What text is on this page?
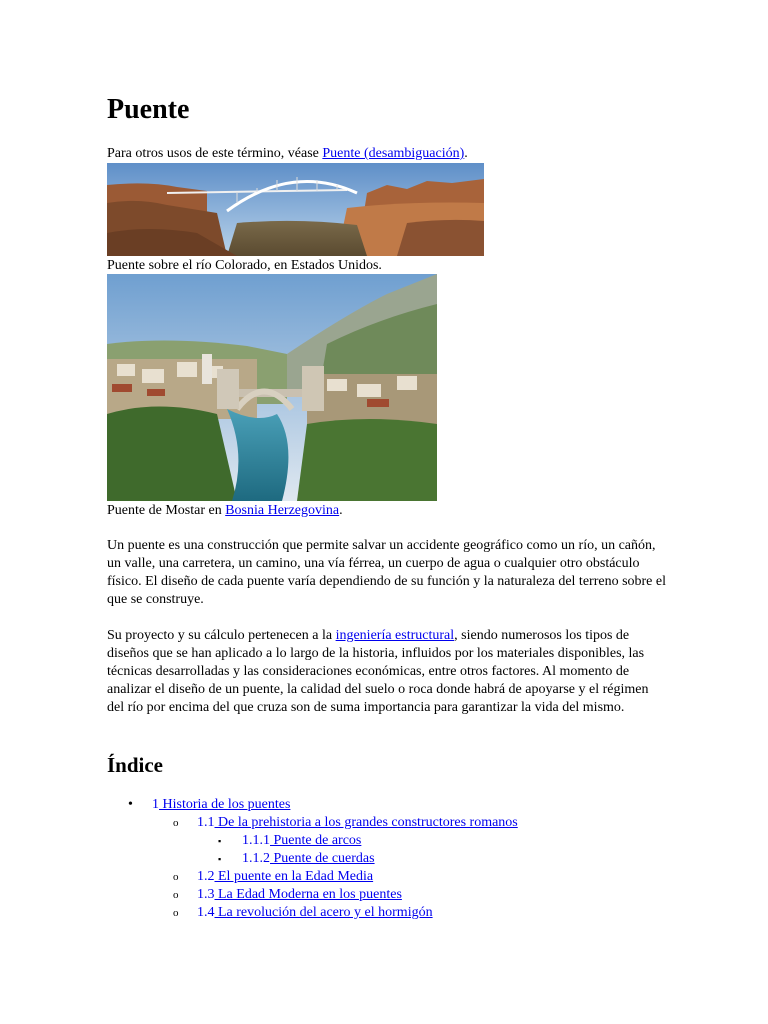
Puente
Para otros usos de este término, véase Puente (desambiguación).
Puente sobre el río Colorado, en Estados Unidos.
Puente de Mostar en Bosnia Herzegovina.

Un puente es una construcción que permite salvar un accidente geográfico como un río, un cañón, un valle, una carretera, un camino, una vía férrea, un cuerpo de agua o cualquier otro obstáculo físico. El diseño de cada puente varía dependiendo de su función y la naturaleza del terreno sobre el que se construye.

Su proyecto y su cálculo pertenecen a la ingeniería estructural, siendo numerosos los tipos de diseños que se han aplicado a lo largo de la historia, influidos por los materiales disponibles, las técnicas desarrolladas y las consideraciones económicas, entre otros factores. Al momento de analizar el diseño de un puente, la calidad del suelo o roca donde habrá de apoyarse y el régimen del río por encima del que cruza son de suma importancia para garantizar la vida del mismo.

Índice
• 1 Historia de los puentes
o 1.1 De la prehistoria a los grandes constructores romanos
▪ 1.1.1 Puente de arcos
▪ 1.1.2 Puente de cuerdas
o 1.2 El puente en la Edad Media
o 1.3 La Edad Moderna en los puentes
o 1.4 La revolución del acero y el hormigón
